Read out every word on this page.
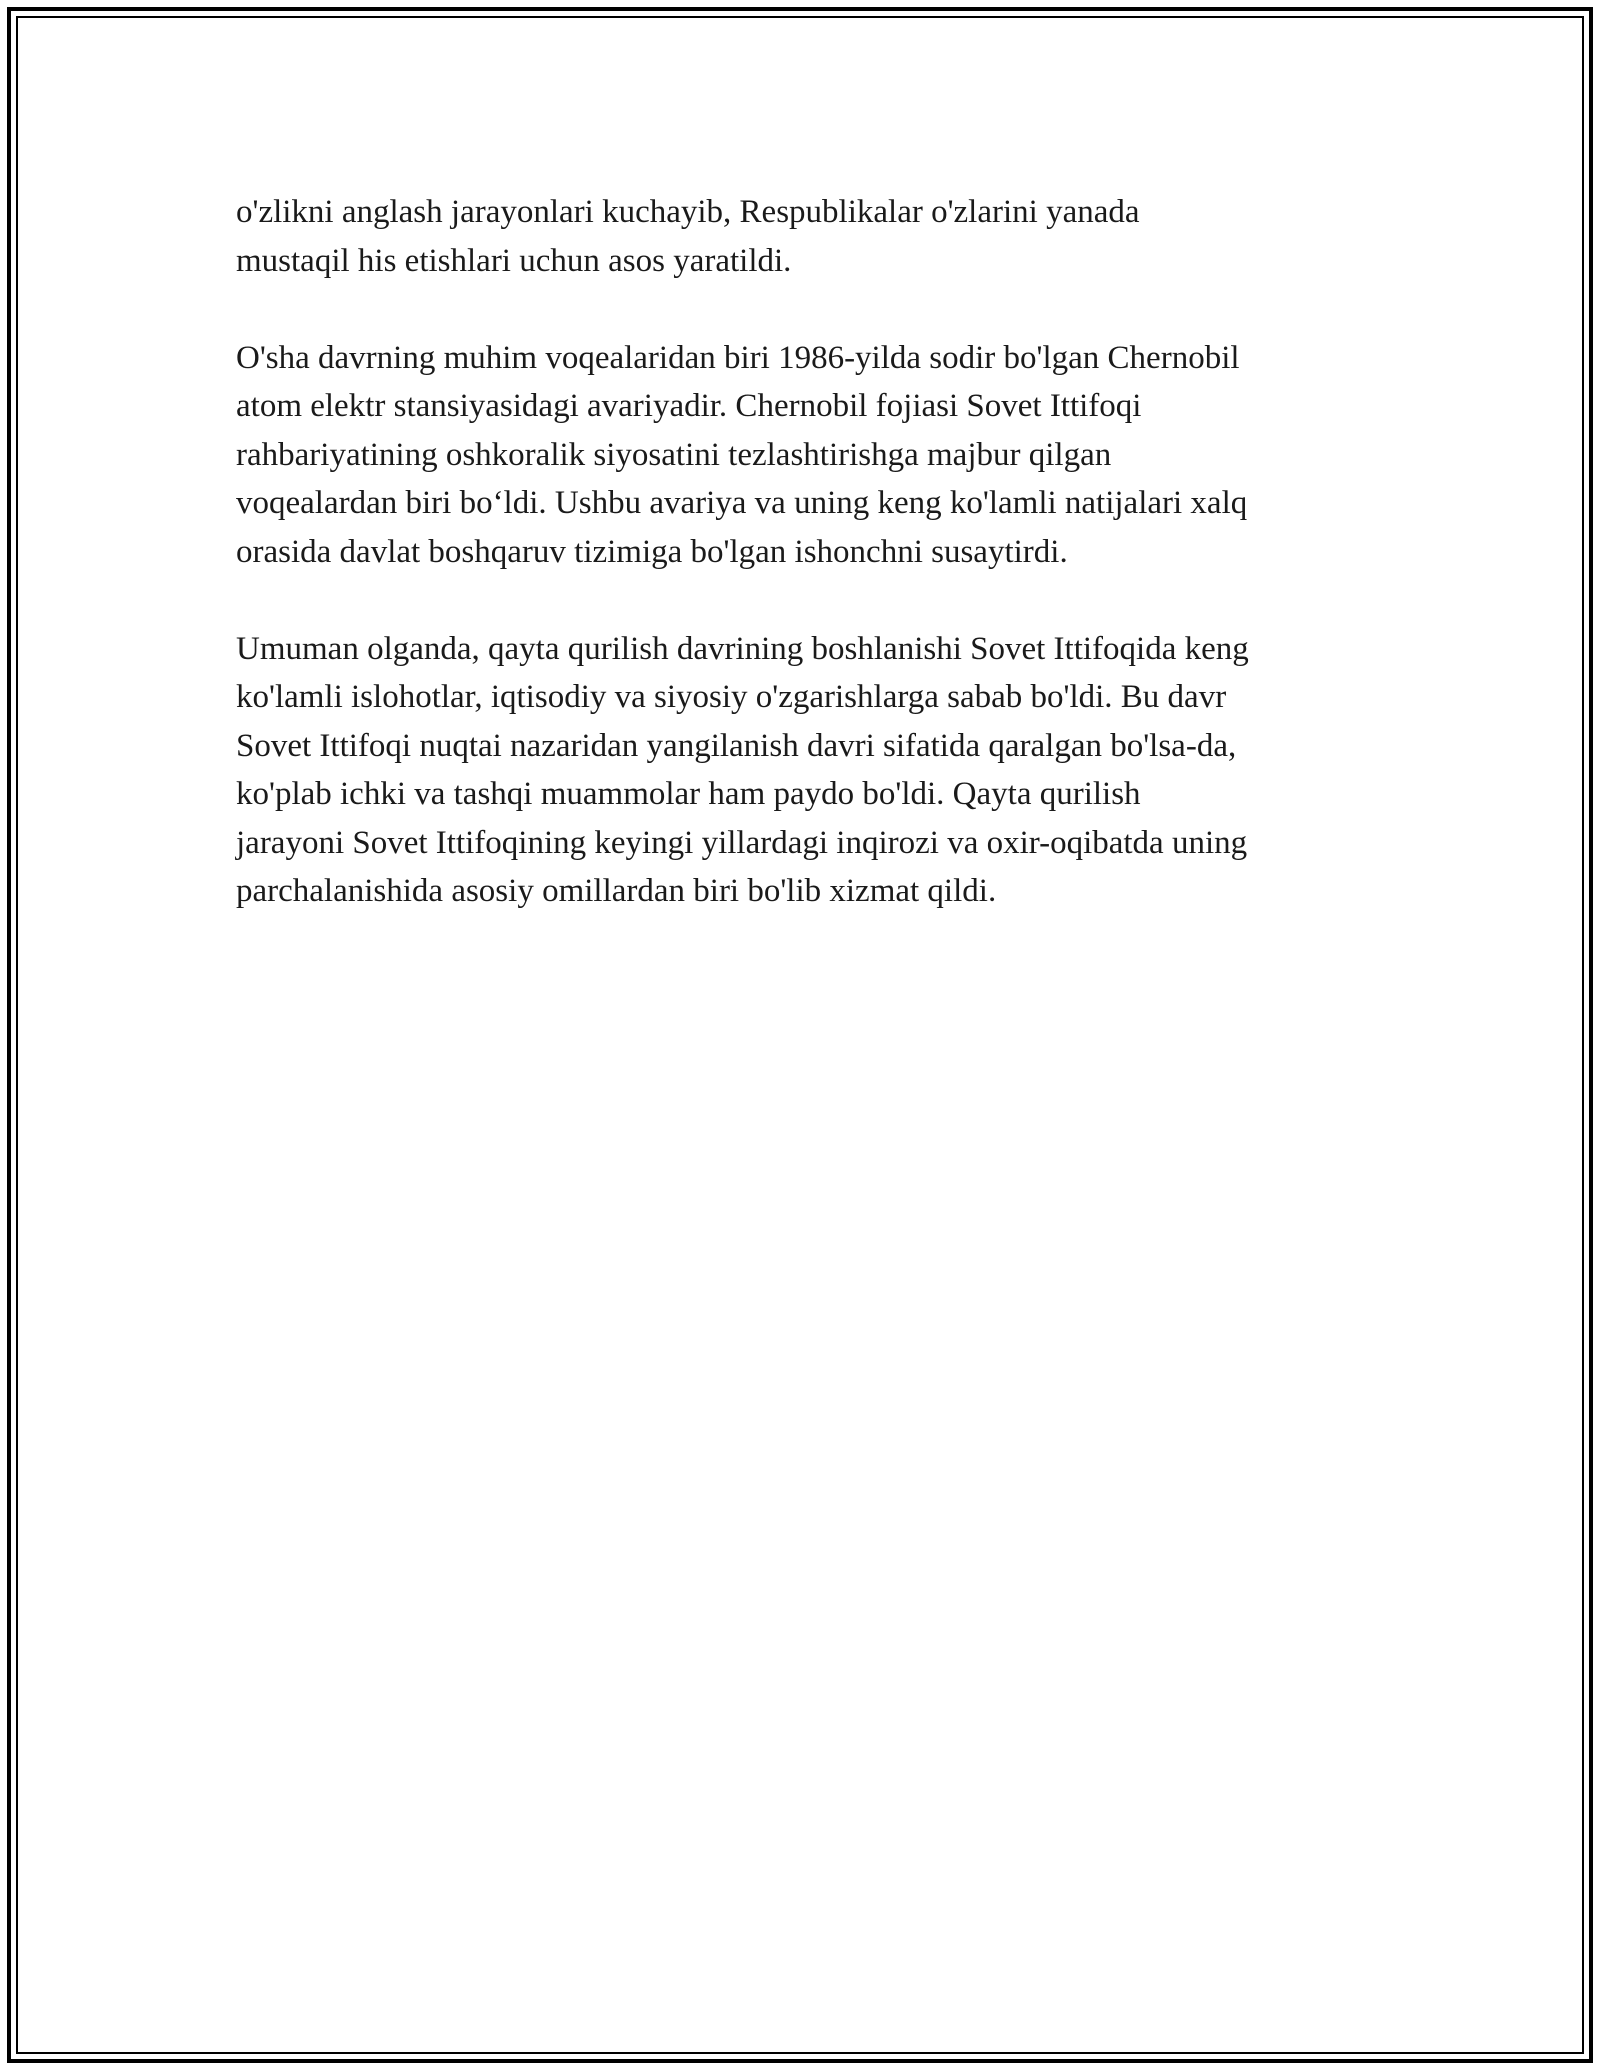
o'zlikni anglash jarayonlari kuchayib, Respublikalar o'zlarini yanada
mustaqil his etishlari uchun asos yaratildi.

O'sha davrning muhim voqealaridan biri 1986-yilda sodir bo'lgan Chernobil
atom elektr stansiyasidagi avariyadir. Chernobil fojiasi Sovet Ittifoqi
rahbariyatining oshkoralik siyosatini tezlashtirishga majbur qilgan
voqealardan biri bo‘ldi. Ushbu avariya va uning keng ko'lamli natijalari xalq
orasida davlat boshqaruv tizimiga bo'lgan ishonchni susaytirdi.

Umuman olganda, qayta qurilish davrining boshlanishi Sovet Ittifoqida keng
ko'lamli islohotlar, iqtisodiy va siyosiy o'zgarishlarga sabab bo'ldi. Bu davr
Sovet Ittifoqi nuqtai nazaridan yangilanish davri sifatida qaralgan bo'lsa-da,
ko'plab ichki va tashqi muammolar ham paydo bo'ldi. Qayta qurilish
jarayoni Sovet Ittifoqining keyingi yillardagi inqirozi va oxir-oqibatda uning
parchalanishida asosiy omillardan biri bo'lib xizmat qildi.
